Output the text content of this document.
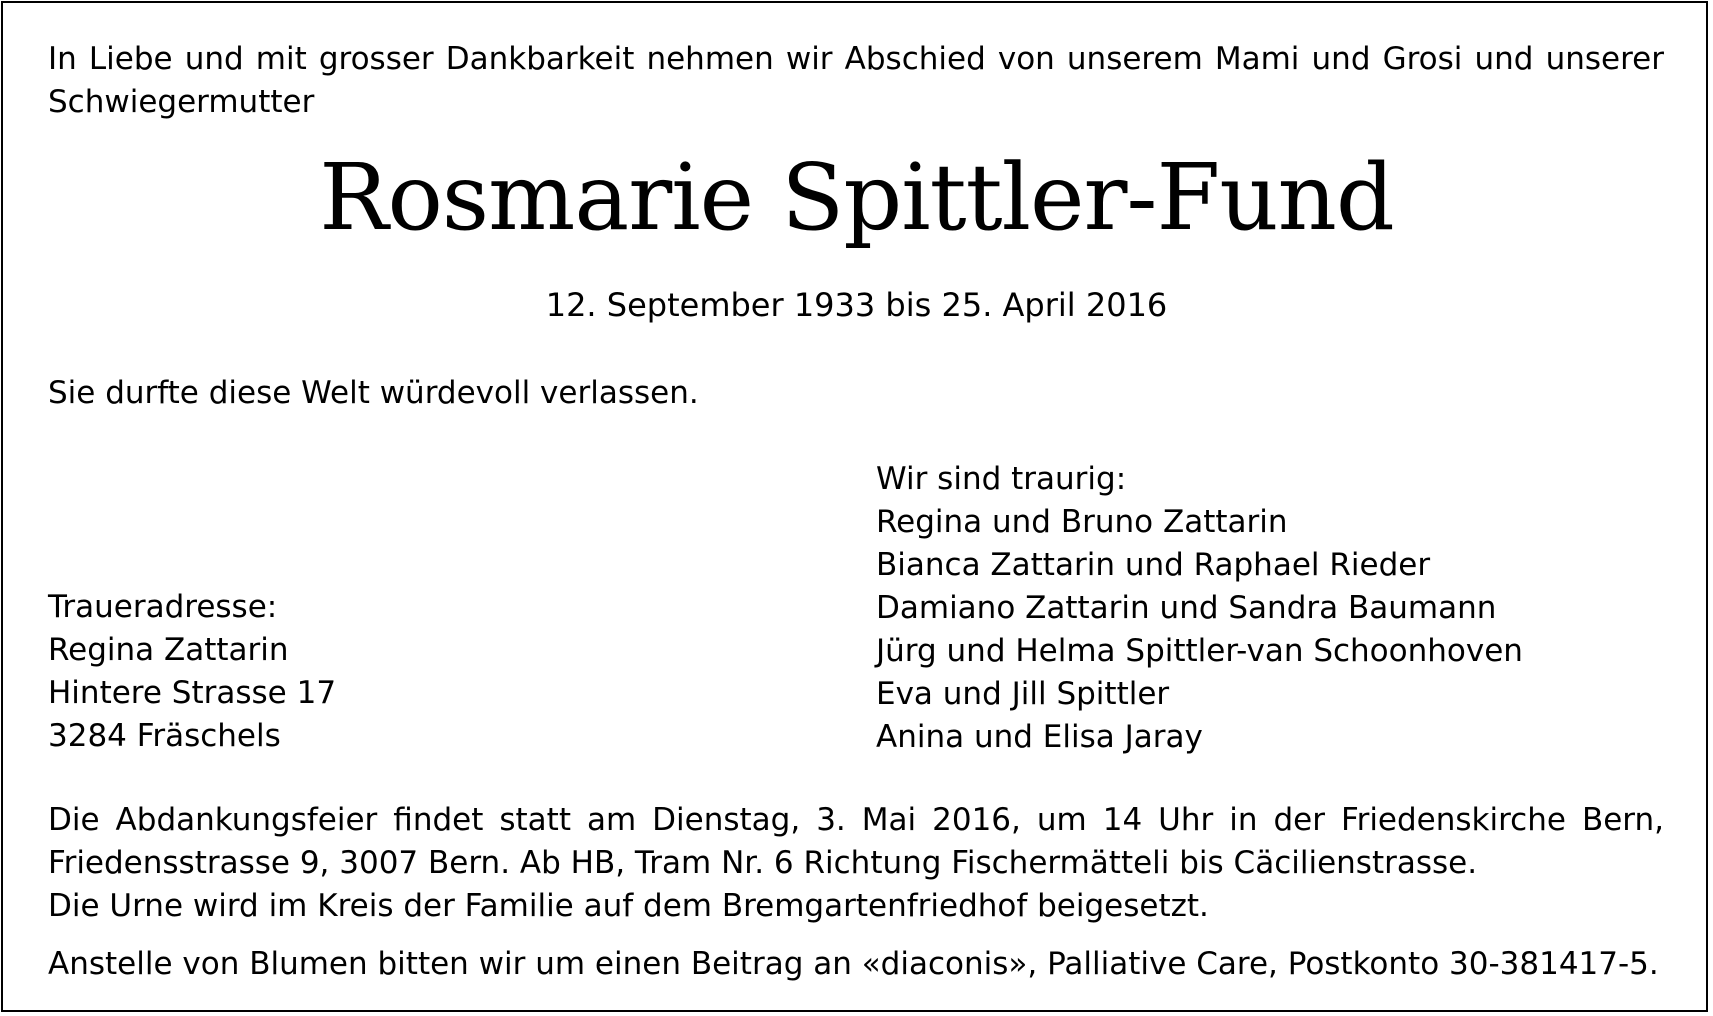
In Liebe und mit grosser Dankbarkeit nehmen wir Abschied von unserem Mami und Grosi und unserer Schwiegermutter
Rosmarie Spittler-Fund
12. September 1933 bis 25. April 2016
Sie durfte diese Welt würdevoll verlassen.
Traueradresse:
Regina Zattarin
Hintere Strasse 17
3284 Fräschels
Wir sind traurig:
Regina und Bruno Zattarin
Bianca Zattarin und Raphael Rieder
Damiano Zattarin und Sandra Baumann
Jürg und Helma Spittler-van Schoonhoven
Eva und Jill Spittler
Anina und Elisa Jaray
Die Abdankungsfeier findet statt am Dienstag, 3. Mai 2016, um 14 Uhr in der Friedenskirche Bern, Friedensstrasse 9, 3007 Bern. Ab HB, Tram Nr. 6 Richtung Fischermätteli bis Cäcilienstrasse.
Die Urne wird im Kreis der Familie auf dem Bremgartenfriedhof beigesetzt.
Anstelle von Blumen bitten wir um einen Beitrag an «diaconis», Palliative Care, Postkonto 30-381417-5.
